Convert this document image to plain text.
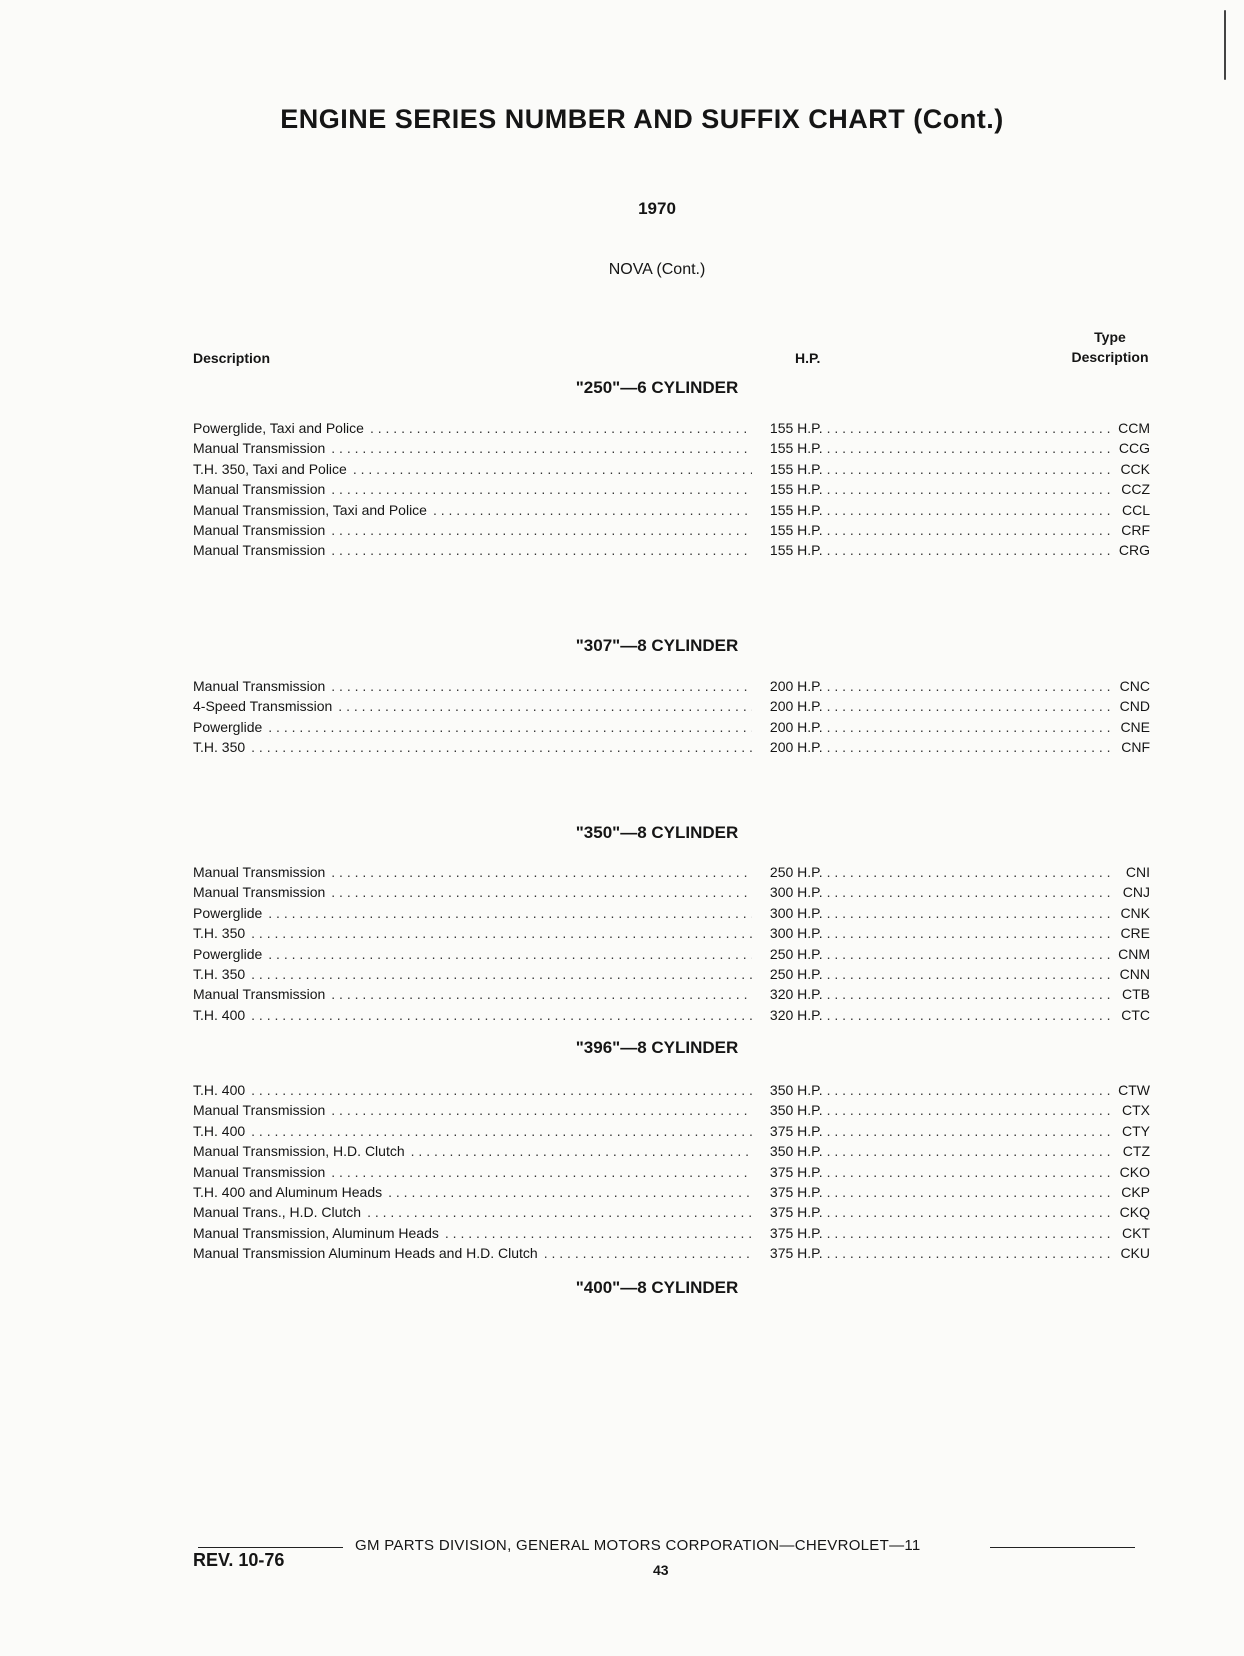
ENGINE SERIES NUMBER AND SUFFIX CHART (Cont.)
1970
NOVA (Cont.)
Description	H.P.
Type
Description
"250"—6 CYLINDER
Powerglide, Taxi and Police . . .	155 H.P. . . .	CCM
Manual Transmission . . .	155 H.P. . . .	CCG
T.H. 350, Taxi and Police . . .	155 H.P. . . .	CCK
Manual Transmission . . .	155 H.P. . . .	CCZ
Manual Transmission, Taxi and Police . . .	155 H.P. . . .	CCL
Manual Transmission . . .	155 H.P. . . .	CRF
Manual Transmission . . .	155 H.P. . . .	CRG
"307"—8 CYLINDER
Manual Transmission . . .	200 H.P. . . .	CNC
4-Speed Transmission . . .	200 H.P. . . .	CND
Powerglide . . .	200 H.P. . . .	CNE
T.H. 350 . . .	200 H.P. . . .	CNF
"350"—8 CYLINDER
Manual Transmission . . .	250 H.P. . . .	CNI
Manual Transmission . . .	300 H.P. . . .	CNJ
Powerglide . . .	300 H.P. . . .	CNK
T.H. 350 . . .	300 H.P. . . .	CRE
Powerglide . . .	250 H.P. . . .	CNM
T.H. 350 . . .	250 H.P. . . .	CNN
Manual Transmission . . .	320 H.P. . . .	CTB
T.H. 400 . . .	320 H.P. . . .	CTC
"396"—8 CYLINDER
T.H. 400 . . .	350 H.P. . . .	CTW
Manual Transmission . . .	350 H.P. . . .	CTX
T.H. 400 . . .	375 H.P. . . .	CTY
Manual Transmission, H.D. Clutch . . .	350 H.P. . . .	CTZ
Manual Transmission . . .	375 H.P. . . .	CKO
T.H. 400 and Aluminum Heads . . .	375 H.P. . . .	CKP
Manual Trans., H.D. Clutch . . .	375 H.P. . . .	CKQ
Manual Transmission, Aluminum Heads . . .	375 H.P. . . .	CKT
Manual Transmission Aluminum Heads and H.D. Clutch . . .	375 H.P. . . .	CKU
"400"—8 CYLINDER
GM PARTS DIVISION, GENERAL MOTORS CORPORATION—CHEVROLET—11
REV. 10-76	43
